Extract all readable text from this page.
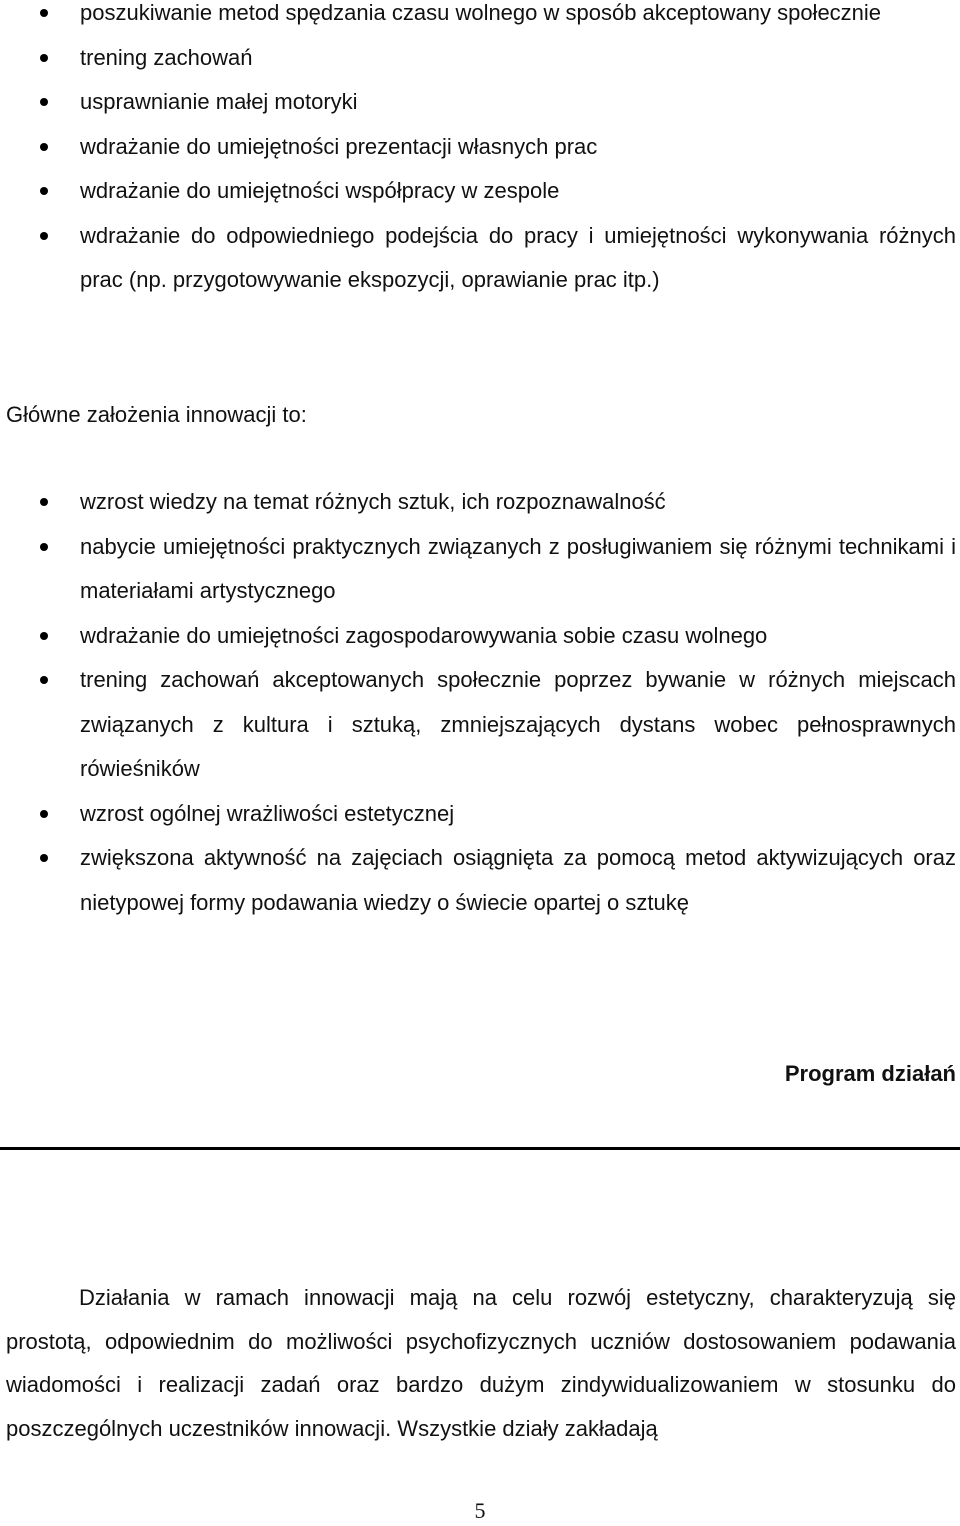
poszukiwanie metod spędzania czasu wolnego w sposób akceptowany społecznie
trening zachowań
usprawnianie małej motoryki
wdrażanie do umiejętności prezentacji własnych prac
wdrażanie do umiejętności współpracy w zespole
wdrażanie do odpowiedniego podejścia do pracy i umiejętności wykonywania różnych prac (np. przygotowywanie ekspozycji, oprawianie prac itp.)

Główne założenia innowacji to:

wzrost wiedzy na temat różnych sztuk, ich rozpoznawalność
nabycie umiejętności praktycznych związanych z posługiwaniem się różnymi technikami i materiałami artystycznego
wdrażanie do umiejętności zagospodarowywania sobie czasu wolnego
trening zachowań akceptowanych społecznie poprzez bywanie w różnych miejscach związanych z kultura i sztuką, zmniejszających dystans wobec pełnosprawnych rówieśników
wzrost ogólnej wrażliwości estetycznej
zwiększona aktywność na zajęciach osiągnięta za pomocą metod aktywizujących oraz nietypowej formy podawania wiedzy o świecie opartej o sztukę
Program działań

Działania w ramach innowacji mają na celu rozwój estetyczny, charakteryzują się prostotą, odpowiednim do możliwości psychofizycznych uczniów dostosowaniem podawania wiadomości i realizacji zadań oraz bardzo dużym zindywidualizowaniem w stosunku do poszczególnych uczestników innowacji. Wszystkie działy zakładają

5
